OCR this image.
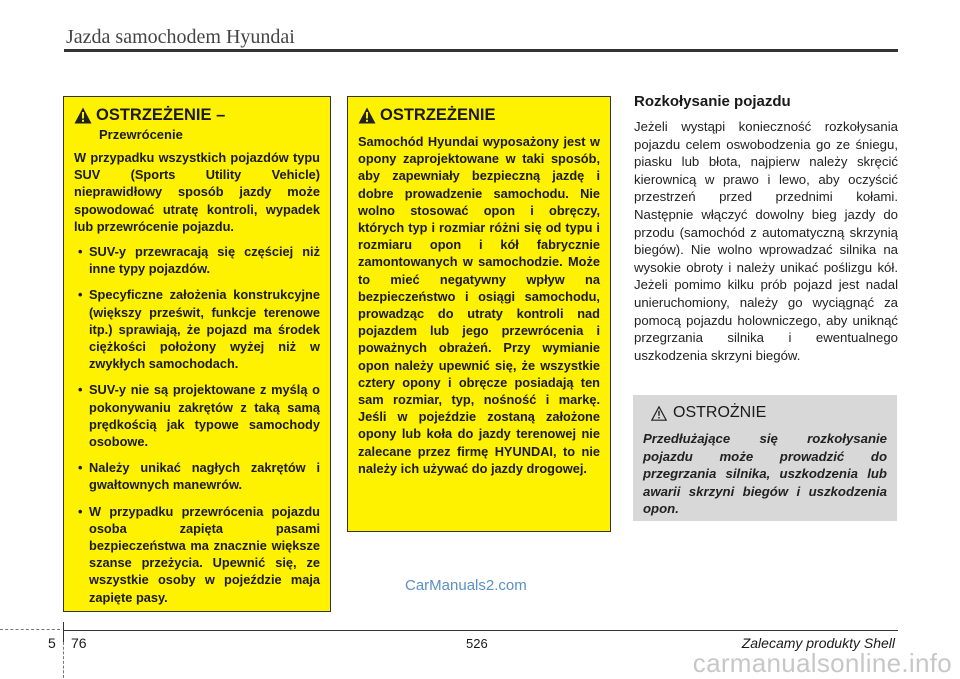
Jazda samochodem Hyundai
OSTRZEŻENIE –
Przewrócenie

W przypadku wszystkich pojazdów typu SUV (Sports Utility Vehicle) nieprawidłowy sposób jazdy może spowodować utratę kontroli, wypadek lub przewrócenie pojazdu.

• SUV-y przewracają się częściej niż inne typy pojazdów.
• Specyficzne założenia konstrukcyjne (większy prześwit, funkcje terenowe itp.) sprawiają, że pojazd ma środek ciężkości położony wyżej niż w zwykłych samochodach.
• SUV-y nie są projektowane z myślą o pokonywaniu zakrętów z taką samą prędkością jak typowe samochody osobowe.
• Należy unikać nagłych zakrętów i gwałtownych manewrów.
• W przypadku przewrócenia pojazdu osoba zapięta pasami bezpieczeństwa ma znacznie większe szanse przeżycia. Upewnić się, ze wszystkie osoby w pojeździe maja zapięte pasy.
OSTRZEŻENIE

Samochód Hyundai wyposażony jest w opony zaprojektowane w taki sposób, aby zapewniały bezpieczną jazdę i dobre prowadzenie samochodu. Nie wolno stosować opon i obręczy, których typ i rozmiar różni się od typu i rozmiaru opon i kół fabrycznie zamontowanych w samochodzie. Może to mieć negatywny wpływ na bezpieczeństwo i osiągi samochodu, prowadząc do utraty kontroli nad pojazdem lub jego przewrócenia i poważnych obrażeń. Przy wymianie opon należy upewnić się, że wszystkie cztery opony i obręcze posiadają ten sam rozmiar, typ, nośność i markę. Jeśli w pojeździe zostaną założone opony lub koła do jazdy terenowej nie zalecane przez firmę HYUNDAI, to nie należy ich używać do jazdy drogowej.

Rozkołysanie pojazdu

Jeżeli wystąpi konieczność rozkołysania pojazdu celem oswobodzenia go ze śniegu, piasku lub błota, najpierw należy skręcić kierownicą w prawo i lewo, aby oczyścić przestrzeń przed przednimi kołami. Następnie włączyć dowolny bieg jazdy do przodu (samochód z automatyczną skrzynią biegów). Nie wolno wprowadzać silnika na wysokie obroty i należy unikać poślizgu kół. Jeżeli pomimo kilku prób pojazd jest nadal unieruchomiony, należy go wyciągnąć za pomocą pojazdu holowniczego, aby uniknąć przegrzania silnika i ewentualnego uszkodzenia skrzyni biegów.

OSTROŻNIE

Przedłużające się rozkołysanie pojazdu może prowadzić do przegrzania silnika, uszkodzenia lub awarii skrzyni biegów i uszkodzenia opon.

CarManuals2.com
5 76	526	Zalecamy produkty Shell
carmanualsonline.info
